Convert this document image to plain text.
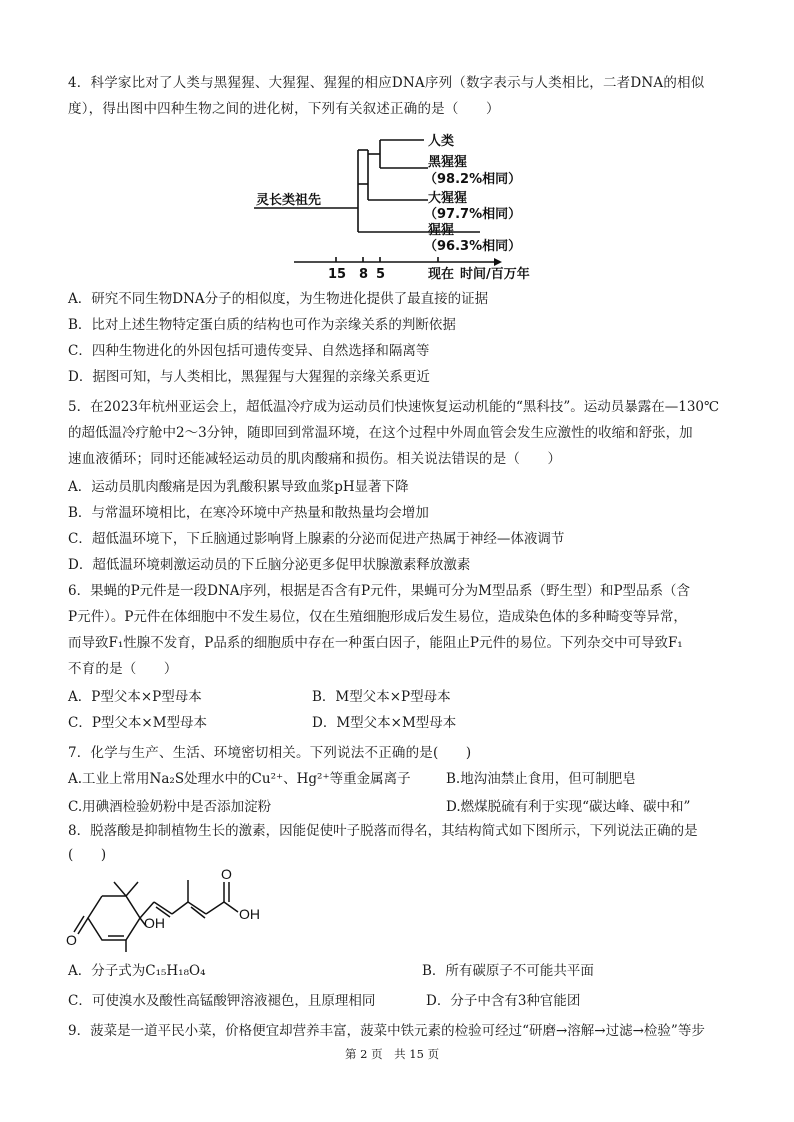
4．科学家比对了人类与黑猩猩、大猩猩、猩猩的相应DNA序列（数字表示与人类相比，二者DNA的相似
度），得出图中四种生物之间的进化树，下列有关叙述正确的是（　　）
灵长类祖先
人类
黑猩猩
（98.2%相同）
大猩猩
（97.7%相同）
猩猩
（96.3%相同）
15 8 5	现在 时间/百万年
A．研究不同生物DNA分子的相似度，为生物进化提供了最直接的证据
B．比对上述生物特定蛋白质的结构也可作为亲缘关系的判断依据
C．四种生物进化的外因包括可遗传变异、自然选择和隔离等
D．据图可知，与人类相比，黑猩猩与大猩猩的亲缘关系更近
5．在2023年杭州亚运会上，超低温冷疗成为运动员们快速恢复运动机能的“黑科技”。运动员暴露在—130℃
的超低温冷疗舱中2～3分钟，随即回到常温环境，在这个过程中外周血管会发生应激性的收缩和舒张，加
速血液循环；同时还能减轻运动员的肌肉酸痛和损伤。相关说法错误的是（　　）
A．运动员肌肉酸痛是因为乳酸积累导致血浆pH显著下降
B．与常温环境相比，在寒冷环境中产热量和散热量均会增加
C．超低温环境下，下丘脑通过影响肾上腺素的分泌而促进产热属于神经—体液调节
D．超低温环境刺激运动员的下丘脑分泌更多促甲状腺激素释放激素
6．果蝇的P元件是一段DNA序列，根据是否含有P元件，果蝇可分为M型品系（野生型）和P型品系（含
P元件）。P元件在体细胞中不发生易位，仅在生殖细胞形成后发生易位，造成染色体的多种畸变等异常，
而导致F₁性腺不发育，P品系的细胞质中存在一种蛋白因子，能阻止P元件的易位。下列杂交中可导致F₁
不育的是（　　）
A．P型父本×P型母本	B．M型父本×P型母本
C．P型父本×M型母本	D．M型父本×M型母本
7．化学与生产、生活、环境密切相关。下列说法不正确的是(　　)
A.工业上常用Na₂S处理水中的Cu²⁺、Hg²⁺等重金属离子	B.地沟油禁止食用，但可制肥皂
C.用碘酒检验奶粉中是否添加淀粉	D.燃煤脱硫有利于实现“碳达峰、碳中和”
8．脱落酸是抑制植物生长的激素，因能促使叶子脱落而得名，其结构简式如下图所示，下列说法正确的是
(　　)
O
OH
O
OH
A．分子式为C₁₅H₁₈O₄	B．所有碳原子不可能共平面
C．可使溴水及酸性高锰酸钾溶液褪色，且原理相同	D．分子中含有3种官能团
9．菠菜是一道平民小菜，价格便宜却营养丰富，菠菜中铁元素的检验可经过“研磨→溶解→过滤→检验”等步
第 2 页　共 15 页
